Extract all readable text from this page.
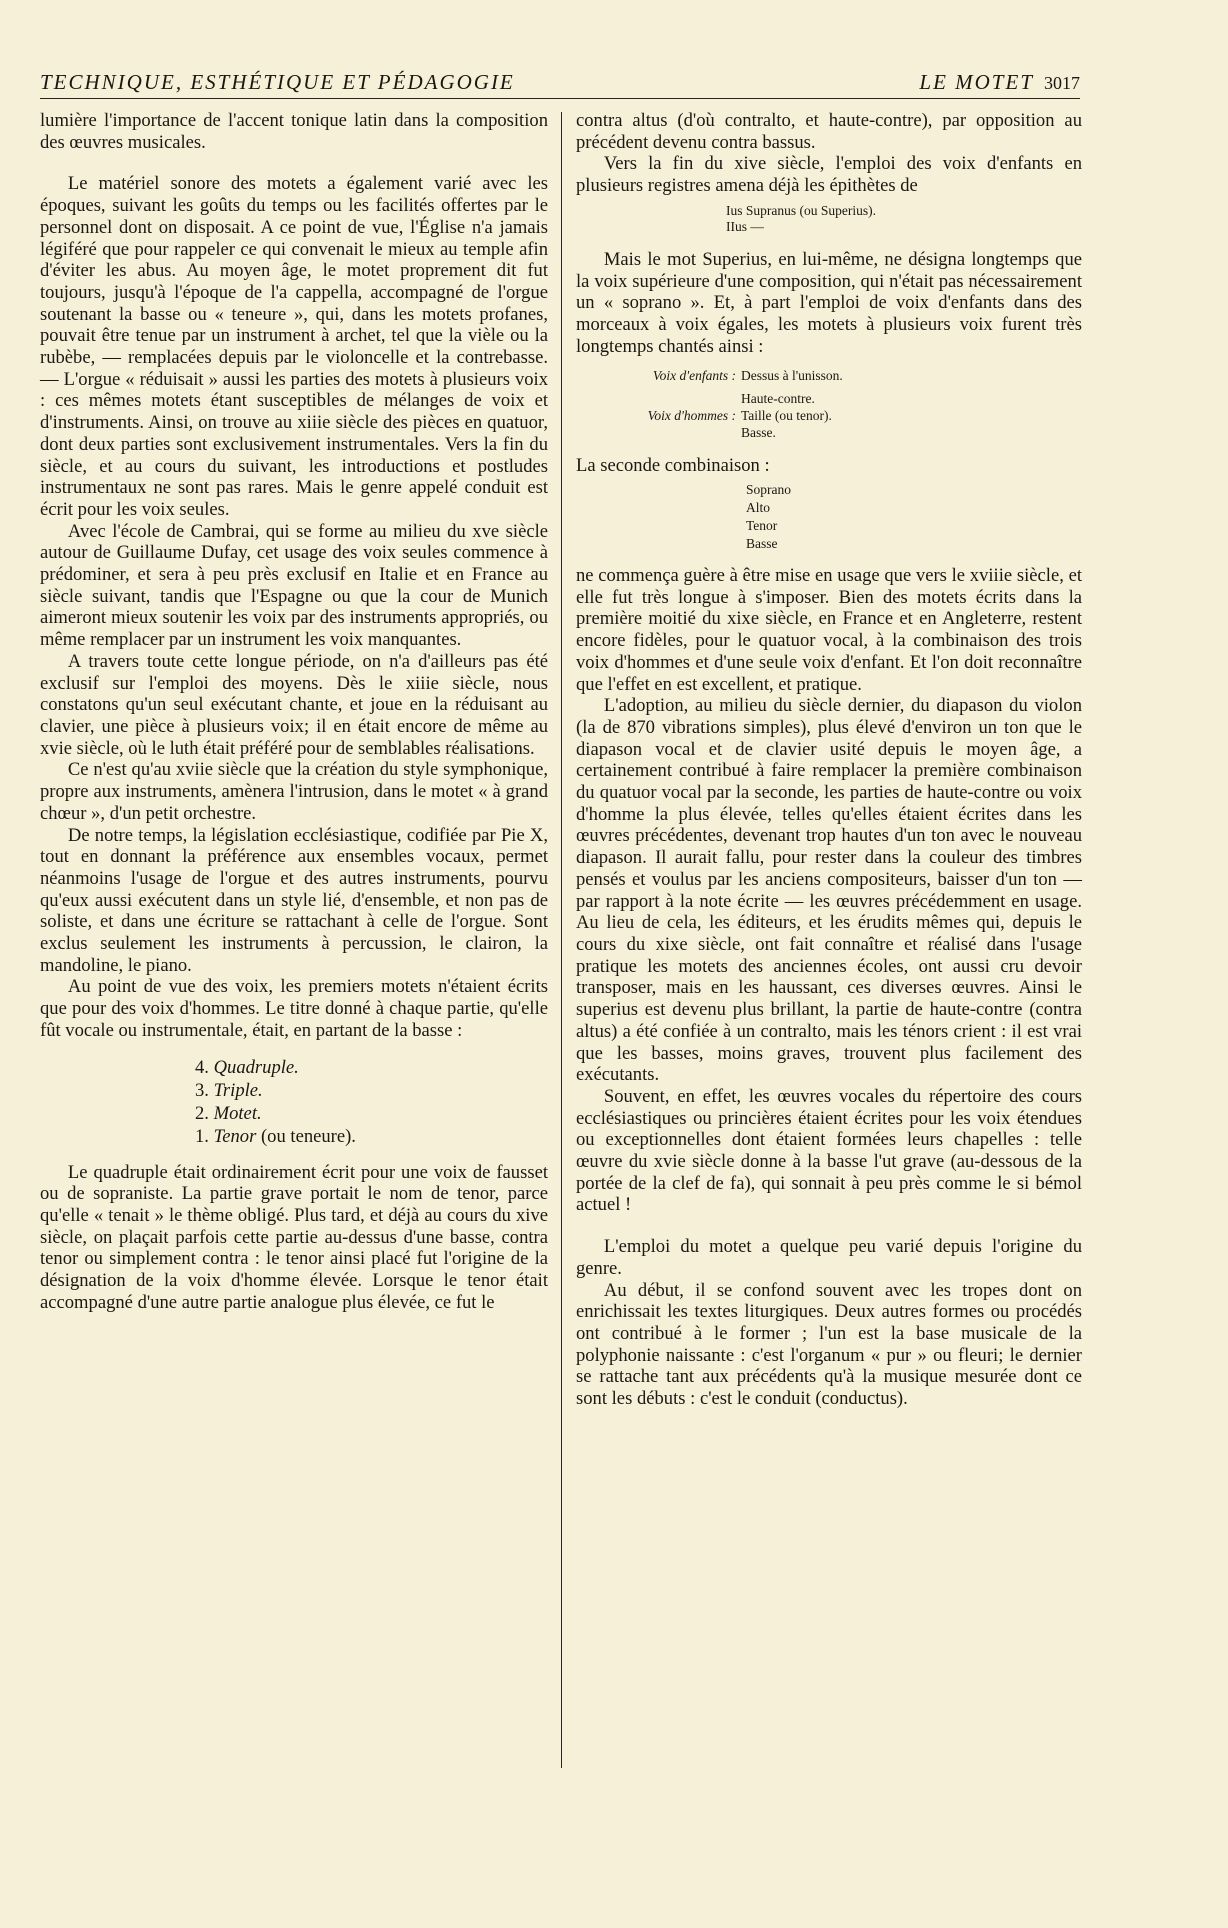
TECHNIQUE, ESTHÉTIQUE ET PÉDAGOGIE	LE MOTET 3017

lumière l'importance de l'accent tonique latin dans la composition des œuvres musicales.

Le matériel sonore des motets a également varié avec les époques, suivant les goûts du temps ou les facilités offertes par le personnel dont on disposait. A ce point de vue, l'Église n'a jamais légiféré que pour rappeler ce qui convenait le mieux au temple afin d'éviter les abus. Au moyen âge, le motet proprement dit fut toujours, jusqu'à l'époque de l'a cappella, accompagné de l'orgue soutenant la basse ou « teneure », qui, dans les motets profanes, pouvait être tenue par un instrument à archet, tel que la vièle ou la rubèbe, — remplacées depuis par le violoncelle et la contrebasse. — L'orgue « réduisait » aussi les parties des motets à plusieurs voix : ces mêmes motets étant susceptibles de mélanges de voix et d'instruments. Ainsi, on trouve au xiiie siècle des pièces en quatuor, dont deux parties sont exclusivement instrumentales. Vers la fin du siècle, et au cours du suivant, les introductions et postludes instrumentaux ne sont pas rares. Mais le genre appelé conduit est écrit pour les voix seules.

Avec l'école de Cambrai, qui se forme au milieu du xve siècle autour de Guillaume Dufay, cet usage des voix seules commence à prédominer, et sera à peu près exclusif en Italie et en France au siècle suivant, tandis que l'Espagne ou que la cour de Munich aimeront mieux soutenir les voix par des instruments appropriés, ou même remplacer par un instrument les voix manquantes.

A travers toute cette longue période, on n'a d'ailleurs pas été exclusif sur l'emploi des moyens. Dès le xiiie siècle, nous constatons qu'un seul exécutant chante, et joue en la réduisant au clavier, une pièce à plusieurs voix; il en était encore de même au xvie siècle, où le luth était préféré pour de semblables réalisations.

Ce n'est qu'au xviie siècle que la création du style symphonique, propre aux instruments, amènera l'intrusion, dans le motet « à grand chœur », d'un petit orchestre.

De notre temps, la législation ecclésiastique, codifiée par Pie X, tout en donnant la préférence aux ensembles vocaux, permet néanmoins l'usage de l'orgue et des autres instruments, pourvu qu'eux aussi exécutent dans un style lié, d'ensemble, et non pas de soliste, et dans une écriture se rattachant à celle de l'orgue. Sont exclus seulement les instruments à percussion, le clairon, la mandoline, le piano.

Au point de vue des voix, les premiers motets n'étaient écrits que pour des voix d'hommes. Le titre donné à chaque partie, qu'elle fût vocale ou instrumentale, était, en partant de la basse :

4. Quadruple.
3. Triple.
2. Motet.
1. Tenor (ou teneure).

Le quadruple était ordinairement écrit pour une voix de fausset ou de sopraniste. La partie grave portait le nom de tenor, parce qu'elle « tenait » le thème obligé. Plus tard, et déjà au cours du xive siècle, on plaçait parfois cette partie au-dessus d'une basse, contra tenor ou simplement contra : le tenor ainsi placé fut l'origine de la désignation de la voix d'homme élevée. Lorsque le tenor était accompagné d'une autre partie analogue plus élevée, ce fut le

contra altus (d'où contralto, et haute-contre), par opposition au précédent devenu contra bassus.

Vers la fin du xive siècle, l'emploi des voix d'enfants en plusieurs registres amena déjà les épithètes de

Ius Supranus (ou Superius).
IIus —

Mais le mot Superius, en lui-même, ne désigna longtemps que la voix supérieure d'une composition, qui n'était pas nécessairement un « soprano ». Et, à part l'emploi de voix d'enfants dans des morceaux à voix égales, les motets à plusieurs voix furent très longtemps chantés ainsi :

Voix d'enfants : Dessus à l'unisson.
Voix d'hommes :
Haute-contre.
Taille (ou tenor).
Basse.

La seconde combinaison :

Soprano
Alto
Tenor
Basse

ne commença guère à être mise en usage que vers le xviiie siècle, et elle fut très longue à s'imposer. Bien des motets écrits dans la première moitié du xixe siècle, en France et en Angleterre, restent encore fidèles, pour le quatuor vocal, à la combinaison des trois voix d'hommes et d'une seule voix d'enfant. Et l'on doit reconnaître que l'effet en est excellent, et pratique.

L'adoption, au milieu du siècle dernier, du diapason du violon (la de 870 vibrations simples), plus élevé d'environ un ton que le diapason vocal et de clavier usité depuis le moyen âge, a certainement contribué à faire remplacer la première combinaison du quatuor vocal par la seconde, les parties de haute-contre ou voix d'homme la plus élevée, telles qu'elles étaient écrites dans les œuvres précédentes, devenant trop hautes d'un ton avec le nouveau diapason. Il aurait fallu, pour rester dans la couleur des timbres pensés et voulus par les anciens compositeurs, baisser d'un ton — par rapport à la note écrite — les œuvres précédemment en usage. Au lieu de cela, les éditeurs, et les érudits mêmes qui, depuis le cours du xixe siècle, ont fait connaître et réalisé dans l'usage pratique les motets des anciennes écoles, ont aussi cru devoir transposer, mais en les haussant, ces diverses œuvres. Ainsi le superius est devenu plus brillant, la partie de haute-contre (contra altus) a été confiée à un contralto, mais les ténors crient : il est vrai que les basses, moins graves, trouvent plus facilement des exécutants.

Souvent, en effet, les œuvres vocales du répertoire des cours ecclésiastiques ou princières étaient écrites pour les voix étendues ou exceptionnelles dont étaient formées leurs chapelles : telle œuvre du xvie siècle donne à la basse l'ut grave (au-dessous de la portée de la clef de fa), qui sonnait à peu près comme le si bémol actuel !

L'emploi du motet a quelque peu varié depuis l'origine du genre.

Au début, il se confond souvent avec les tropes dont on enrichissait les textes liturgiques. Deux autres formes ou procédés ont contribué à le former ; l'un est la base musicale de la polyphonie naissante : c'est l'organum « pur » ou fleuri; le dernier se rattache tant aux précédents qu'à la musique mesurée dont ce sont les débuts : c'est le conduit (conductus).
